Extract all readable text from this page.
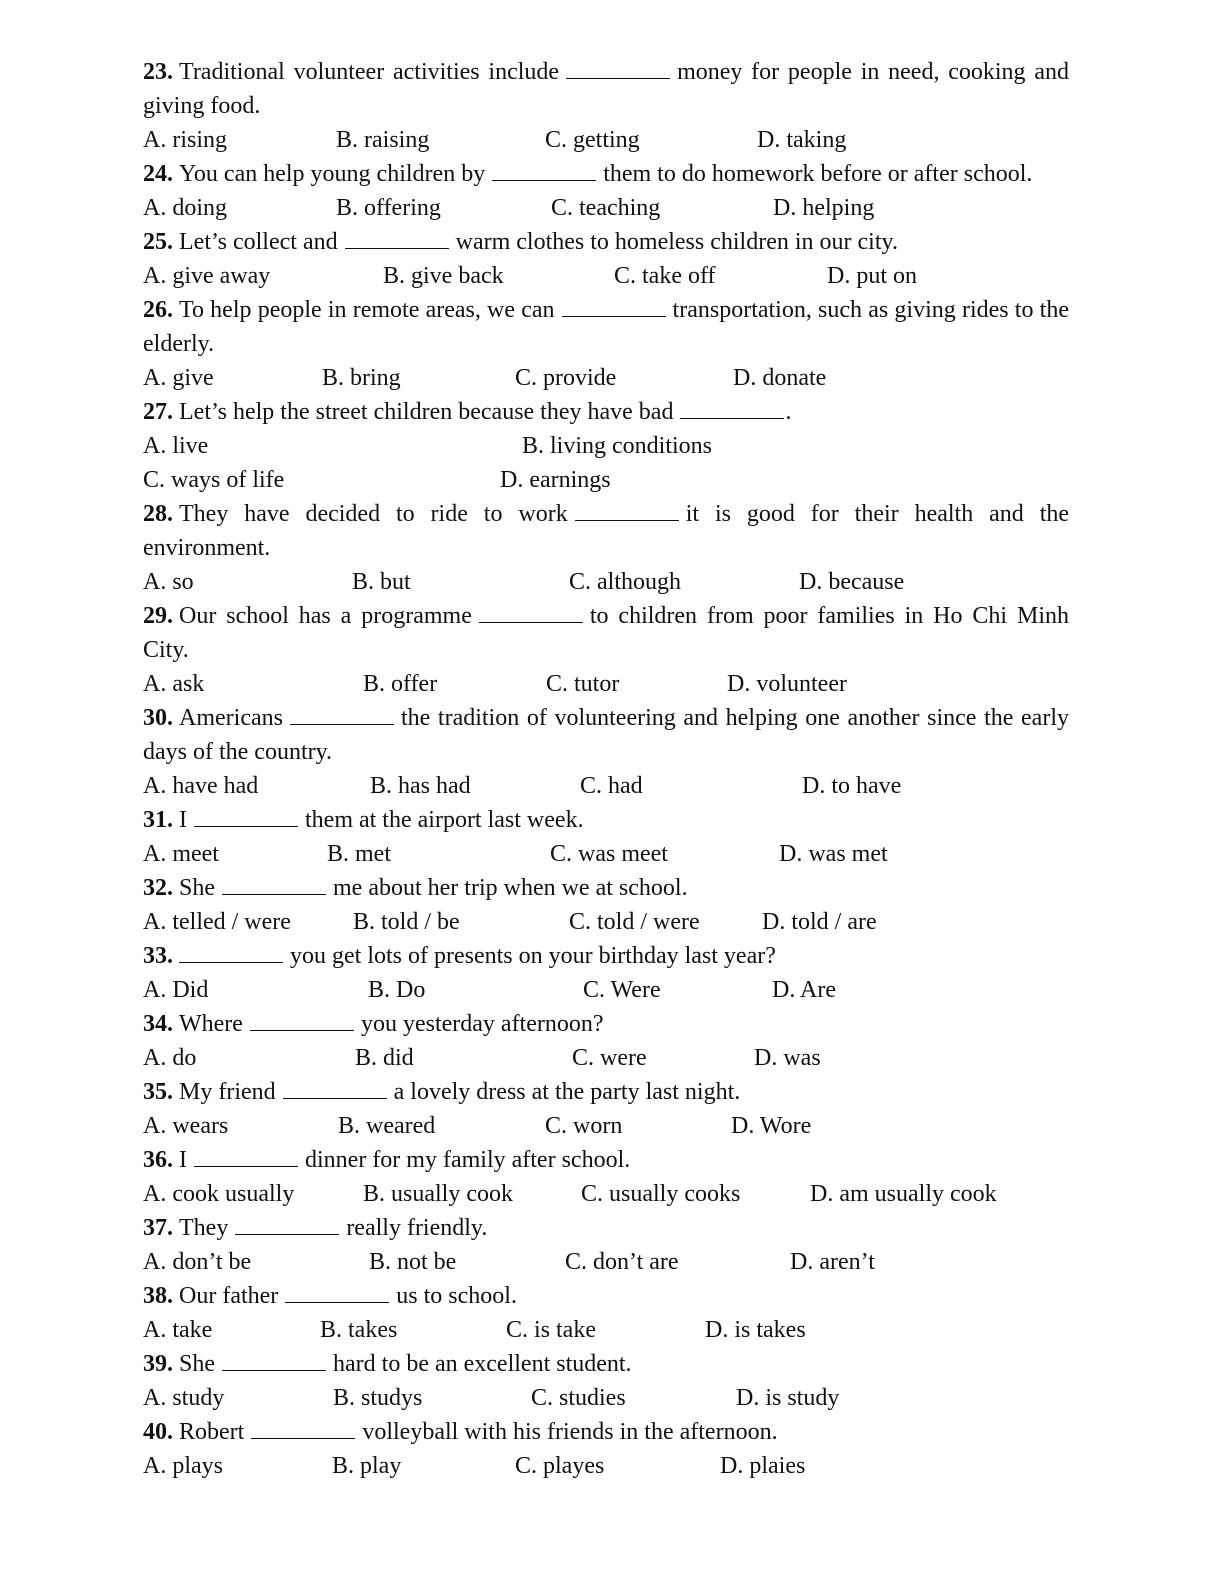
23. Traditional volunteer activities include	money for people in need, cooking and giving food.
A. rising	B. raising	C. getting	D. taking
24. You can help young children by	them to do homework before or after school.
A. doing	B. offering	C. teaching	D. helping
25. Let’s collect and	warm clothes to homeless children in our city.
A. give away	B. give back	C. take off	D. put on
26. To help people in remote areas, we can	transportation, such as giving rides to the elderly.
A. give	B. bring	C. provide	D. donate
27. Let’s help the street children because they have bad	.
A. live	B. living conditions
C. ways of life	D. earnings
28. They have decided to ride to work	it is good for their health and the environment.
A. so	B. but	C. although	D. because
29. Our school has a programme	to children from poor families in Ho Chi Minh City.
A. ask	B. offer	C. tutor	D. volunteer
30. Americans	the tradition of volunteering and helping one another since the early days of the country.
A. have had	B. has had	C. had	D. to have
31. I	them at the airport last week.
A. meet	B. met	C. was meet	D. was met
32. She	me about her trip when we at school.
A. telled / were	B. told / be	C. told / were	D. told / are
33.	you get lots of presents on your birthday last year?
A. Did	B. Do	C. Were	D. Are
34. Where	you yesterday afternoon?
A. do	B. did	C. were	D. was
35. My friend	a lovely dress at the party last night.
A. wears	B. weared	C. worn	D. Wore
36. I	dinner for my family after school.
A. cook usually	B. usually cook	C. usually cooks	D. am usually cook
37. They	really friendly.
A. don’t be	B. not be	C. don’t are	D. aren’t
38. Our father	us to school.
A. take	B. takes	C. is take	D. is takes
39. She	hard to be an excellent student.
A. study	B. studys	C. studies	D. is study
40. Robert	volleyball with his friends in the afternoon.
A. plays	B. play	C. playes	D. plaies
